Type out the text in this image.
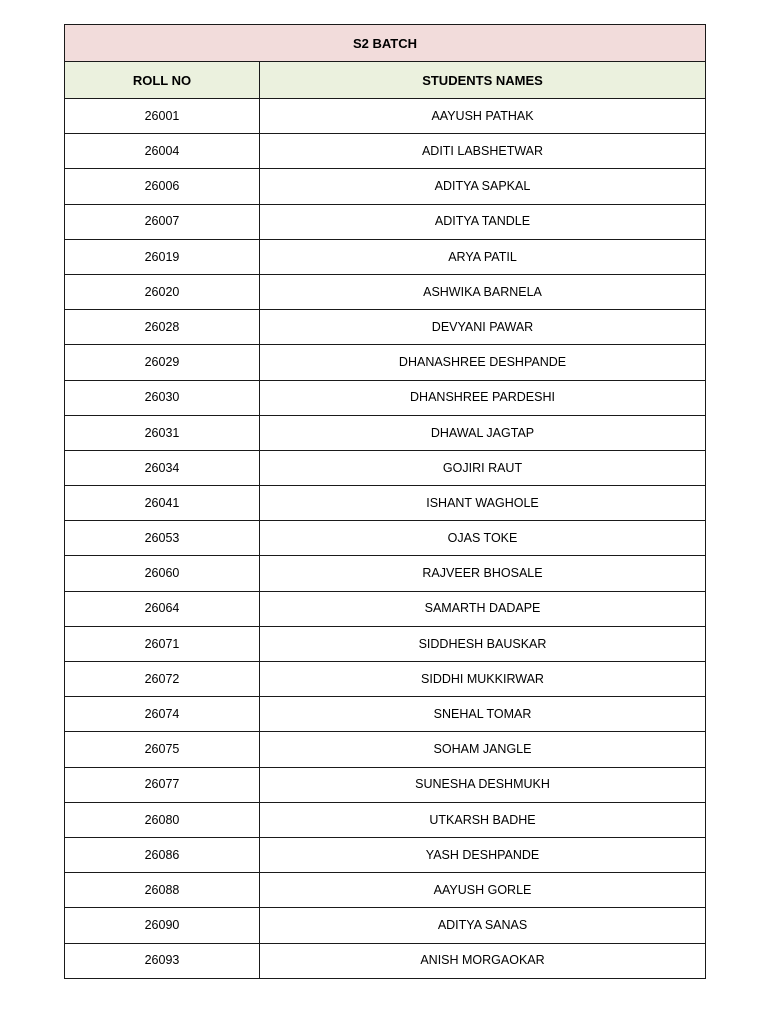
S2 BATCH	
ROLL NO	STUDENTS NAMES
26001	AAYUSH PATHAK
26004	ADITI LABSHETWAR
26006	ADITYA SAPKAL
26007	ADITYA TANDLE
26019	ARYA PATIL
26020	ASHWIKA BARNELA
26028	DEVYANI PAWAR
26029	DHANASHREE DESHPANDE
26030	DHANSHREE PARDESHI
26031	DHAWAL JAGTAP
26034	GOJIRI RAUT
26041	ISHANT WAGHOLE
26053	OJAS TOKE
26060	RAJVEER BHOSALE
26064	SAMARTH DADAPE
26071	SIDDHESH BAUSKAR
26072	SIDDHI MUKKIRWAR
26074	SNEHAL TOMAR
26075	SOHAM JANGLE
26077	SUNESHA DESHMUKH
26080	UTKARSH BADHE
26086	YASH DESHPANDE
26088	AAYUSH GORLE
26090	ADITYA SANAS
26093	ANISH MORGAOKAR
